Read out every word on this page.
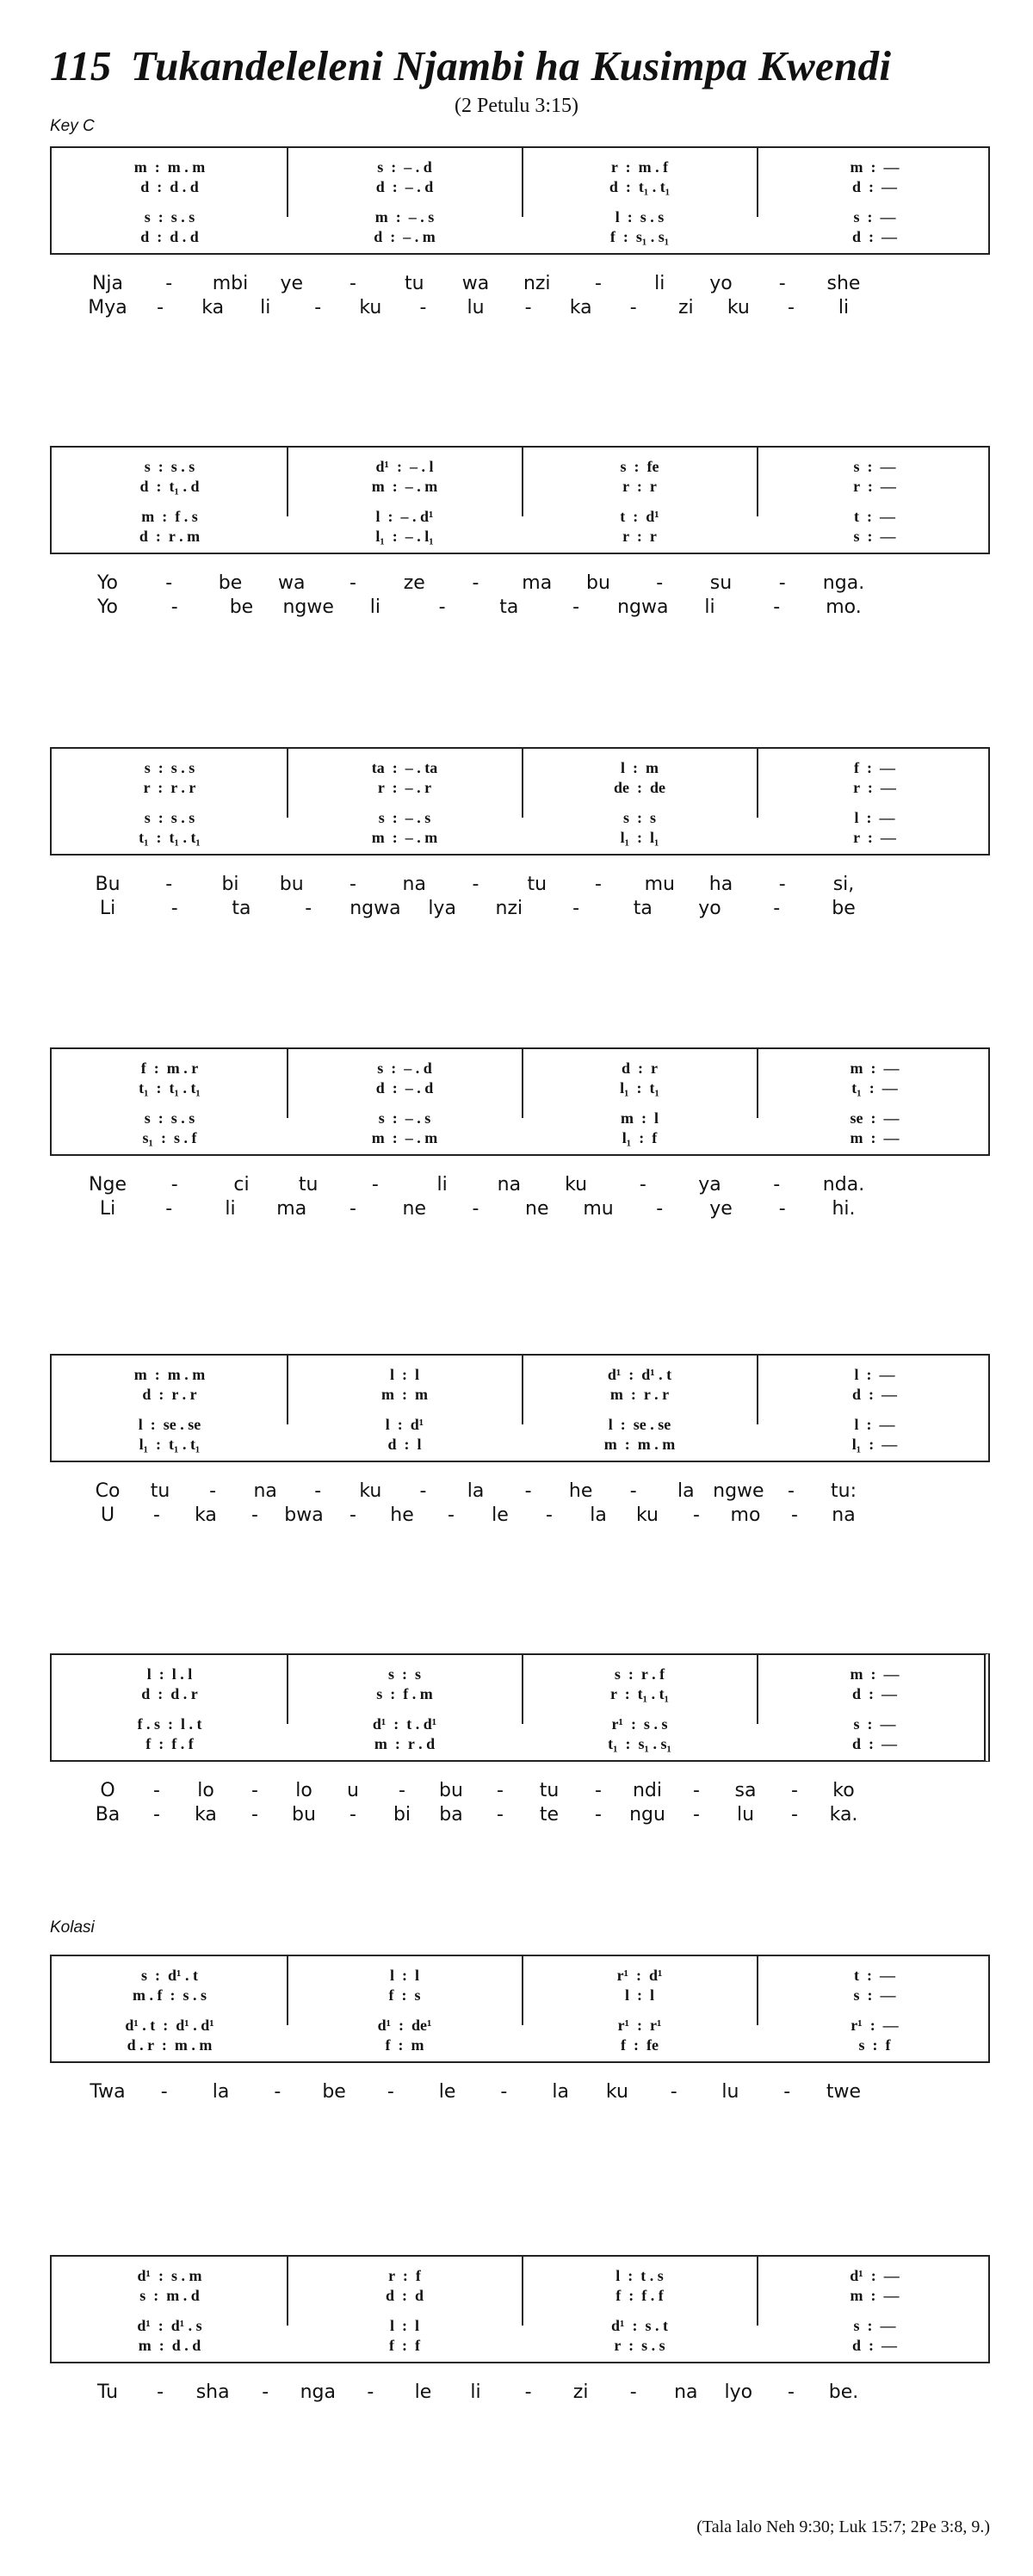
115 Tukandeleleni Njambi ha Kusimpa Kwendi
(2 Petulu 3:15)
Key C
Kolasi
(Tala lalo Neh 9:30; Luk 15:7; 2Pe 3:8, 9.)
m  :  m . m	s  :  – . d	r  :  m . f	m  :  —
d  :  d . d	d  :  – . d	d  :  t₁ . t₁	d  :  —
s  :  s . s	m  :  – . s	l  :  s . s	s  :  —
d  :  d . d	d  :  – . m	f  :  s₁ . s₁	d  :  —
Nja - mbi ye -	tu wa nzi -	li yo - she
Mya - ka li - ku - lu - ka - zi ku - li
s  :  s . s	d¹  :  – . l	s  :  fe	s  :  —
d  :  t₁ . d	m  :  – . m	r  :  r	r  :  —
m  :  f . s	l  :  – . d¹	t  :  d¹	t  :  —
d  :  r . m	l₁  :  – . l₁	r  :  r	s  :  —
Yo	- be wa - ze - ma bu - su - nga.
Yo	-	be ngwe li	-	ta	- ngwa li	- mo.
s  :  s . s	ta  :  – . ta	l  :  m	f  :  —
r  :  r . r	r  :  – . r	de  :  de	r  :  —
s  :  s . s	s  :  – . s	s  :  s	l  :  —
t₁  :  t₁ . t₁	m  :  – . m	l₁  :  l₁	r  :  —
Bu -	bi bu - na -	tu	- mu ha - si,
Li	-	ta	- ngwa lya nzi	-	ta yo	-	be
f  :  m . r	s  :  – . d	d  :  r	m  :  —
t₁  :  t₁ . t₁	d  :  – . d	l₁  :  t₁	t₁  :  —
s  :  s . s	s  :  – . s	m  :  l	se  :  —
s₁  :  s . f	m  :  – . m	l₁  :  f	m  :  —
Nge -	ci	tu	-	li	na ku	-	ya	- nda.
Li	-	li ma - ne - ne mu - ye - hi.
m  :  m . m	l  :  l	d¹  :  d¹ . t	l  :  —
d  :  r . r	m  :  m	m  :  r . r	d  :  —
l  :  se . se	l  :  d¹	l  :  se . se	l  :  —
l₁  :  t₁ . t₁	d  :  l	m  :  m . m	l₁  :  —
Co tu - na - ku - la - he - la ngwe - tu:
U - ka - bwa - he - le - la ku - mo - na
l  :  l . l	s  :  s	s  :  r . f	m  :  —
d  :  d . r	s  :  f . m	r  :  t₁ . t₁	d  :  —
f . s  :  l . t	d¹  :  t . d¹	r¹  :  s . s	s  :  —
f  :  f . f	m  :  r . d	t₁  :  s₁ . s₁	d  :  —
O - lo - lo u - bu - tu - ndi - sa - ko
Ba - ka - bu - bi ba - te - ngu - lu - ka.
s  :  d¹ . t	l  :  l	r¹  :  d¹	t  :  —
m . f  :  s . s	f  :  s	l  :  l	s  :  —
d¹ . t  :  d¹ . d¹	d¹  :  de¹	r¹  :  r¹	r¹  :  —
d . r  :  m . m	f  :  m	f  :  fe	s  :  f
Twa - la - be - le - la ku - lu - twe
d¹  :  s . m	r  :  f	l  :  t . s	d¹  :  —
s  :  m . d	d  :  d	f  :  f . f	m  :  —
d¹  :  d¹ . s	l  :  l	d¹  :  s . t	s  :  —
m  :  d . d	f  :  f	r  :  s . s	d  :  —
Tu - sha - nga - le li - zi - na lyo - be.
